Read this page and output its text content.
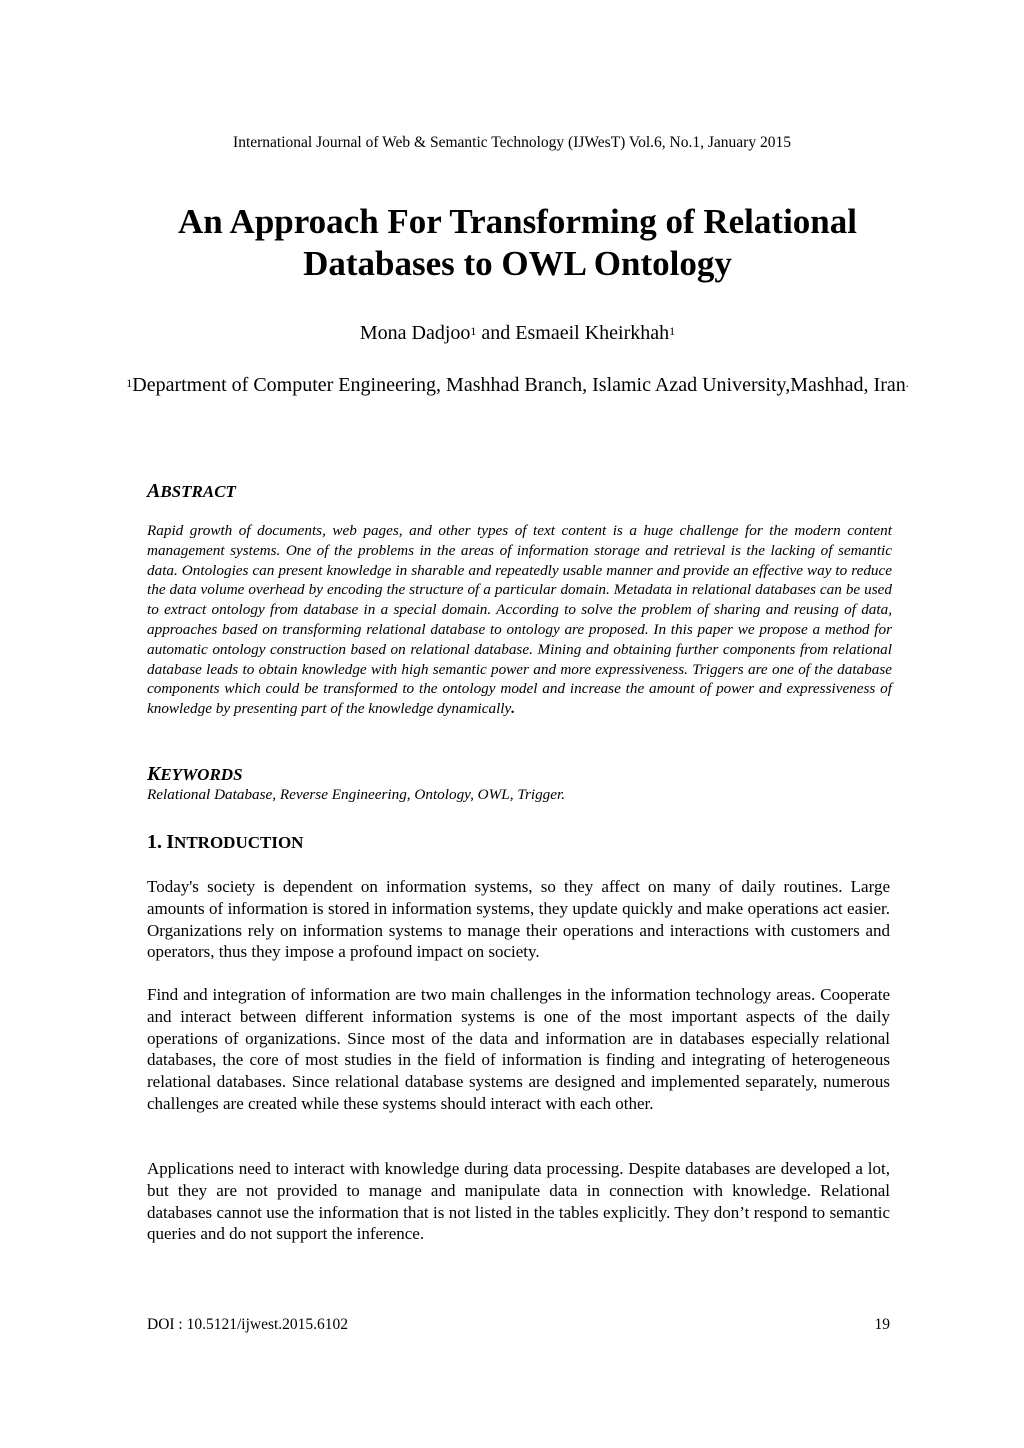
International Journal of Web & Semantic Technology (IJWesT) Vol.6, No.1, January 2015
An Approach For Transforming of Relational Databases to OWL Ontology
Mona Dadjoo$^1$ and Esmaeil Kheirkhah$^1$
$^1$Department of Computer Engineering, Mashhad Branch, Islamic Azad University,Mashhad, Iran.
ABSTRACT
Rapid growth of documents, web pages, and other types of text content is a huge challenge for the modern content management systems. One of the problems in the areas of information storage and retrieval is the lacking of semantic data. Ontologies can present knowledge in sharable and repeatedly usable manner and provide an effective way to reduce the data volume overhead by encoding the structure of a particular domain. Metadata in relational databases can be used to extract ontology from database in a special domain. According to solve the problem of sharing and reusing of data, approaches based on transforming relational database to ontology are proposed. In this paper we propose a method for automatic ontology construction based on relational database. Mining and obtaining further components from relational database leads to obtain knowledge with high semantic power and more expressiveness. Triggers are one of the database components which could be transformed to the ontology model and increase the amount of power and expressiveness of knowledge by presenting part of the knowledge dynamically.
KEYWORDS
Relational Database, Reverse Engineering, Ontology, OWL, Trigger.
1. INTRODUCTION

Today's society is dependent on information systems, so they affect on many of daily routines. Large amounts of information is stored in information systems, they update quickly and make operations act easier. Organizations rely on information systems to manage their operations and interactions with customers and operators, thus they impose a profound impact on society.

Find and integration of information are two main challenges in the information technology areas. Cooperate and interact between different information systems is one of the most important aspects of the daily operations of organizations. Since most of the data and information are in databases especially relational databases, the core of most studies in the field of information is finding and integrating of heterogeneous relational databases. Since relational database systems are designed and implemented separately, numerous challenges are created while these systems should interact with each other.

Applications need to interact with knowledge during data processing. Despite databases are developed a lot, but they are not provided to manage and manipulate data in connection with knowledge. Relational databases cannot use the information that is not listed in the tables explicitly. They don’t respond to semantic queries and do not support the inference.

DOI : 10.5121/ijwest.2015.6102	19
